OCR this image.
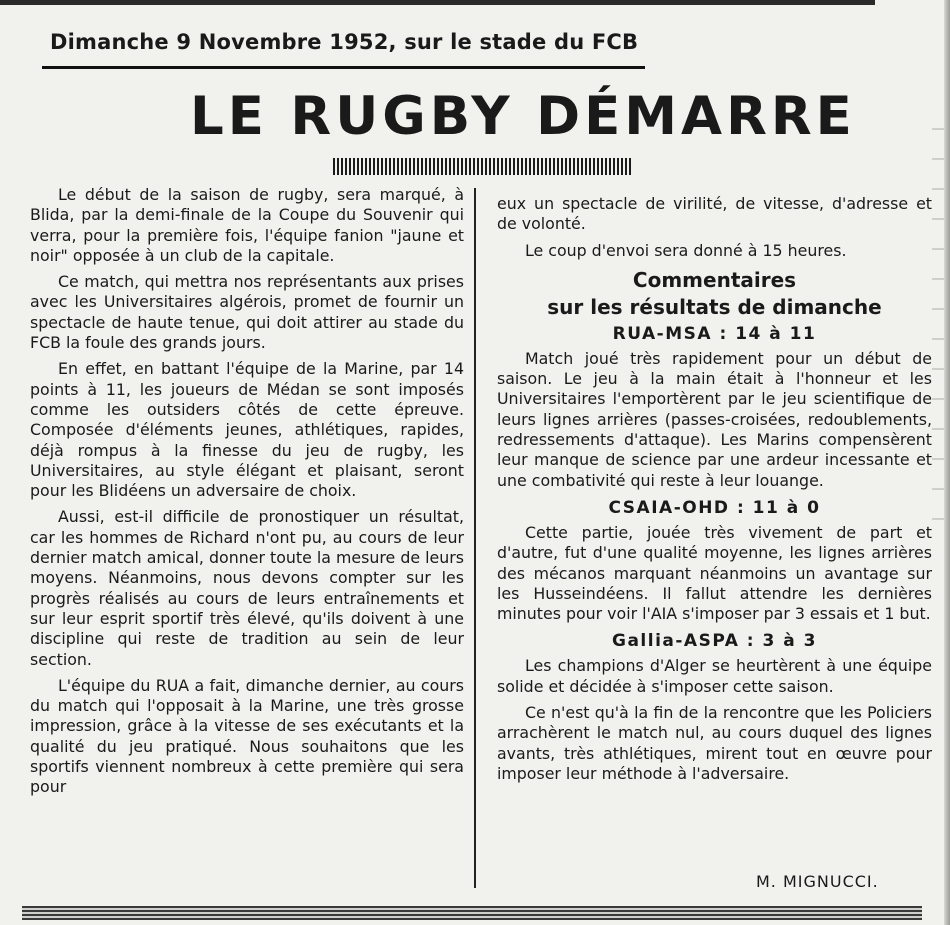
Dimanche 9 Novembre 1952, sur le stade du FCB
LE RUGBY DÉMARRE

Le début de la saison de rugby, sera marqué, à Blida, par la demi-finale de la Coupe du Souvenir qui verra, pour la première fois, l'équipe fanion "jaune et noir" opposée à un club de la capitale.

Ce match, qui mettra nos représentants aux prises avec les Universitaires algérois, promet de fournir un spectacle de haute tenue, qui doit attirer au stade du FCB la foule des grands jours.

En effet, en battant l'équipe de la Marine, par 14 points à 11, les joueurs de Médan se sont imposés comme les outsiders côtés de cette épreuve. Composée d'éléments jeunes, athlétiques, rapides, déjà rompus à la finesse du jeu de rugby, les Universitaires, au style élégant et plaisant, seront pour les Blidéens un adversaire de choix.

Aussi, est-il difficile de pronostiquer un résultat, car les hommes de Richard n'ont pu, au cours de leur dernier match amical, donner toute la mesure de leurs moyens. Néanmoins, nous devons compter sur les progrès réalisés au cours de leurs entraînements et sur leur esprit sportif très élevé, qu'ils doivent à une discipline qui reste de tradition au sein de leur section.

L'équipe du RUA a fait, dimanche dernier, au cours du match qui l'opposait à la Marine, une très grosse impression, grâce à la vitesse de ses exécutants et la qualité du jeu pratiqué. Nous souhaitons que les sportifs viennent nombreux à cette première qui sera pour

eux un spectacle de virilité, de vitesse, d'adresse et de volonté.

Le coup d'envoi sera donné à 15 heures.

Commentaires
sur les résultats de dimanche
RUA-MSA : 14 à 11

Match joué très rapidement pour un début de saison. Le jeu à la main était à l'honneur et les Universitaires l'emportèrent par le jeu scientifique de leurs lignes arrières (passes-croisées, redoublements, redressements d'attaque). Les Marins compensèrent leur manque de science par une ardeur incessante et une combativité qui reste à leur louange.

CSAIA-OHD : 11 à 0

Cette partie, jouée très vivement de part et d'autre, fut d'une qualité moyenne, les lignes arrières des mécanos marquant néanmoins un avantage sur les Husseindéens. Il fallut attendre les dernières minutes pour voir l'AIA s'imposer par 3 essais et 1 but.

Gallia-ASPA : 3 à 3

Les champions d'Alger se heurtèrent à une équipe solide et décidée à s'imposer cette saison.

Ce n'est qu'à la fin de la rencontre que les Policiers arrachèrent le match nul, au cours duquel des lignes avants, très athlétiques, mirent tout en œuvre pour imposer leur méthode à l'adversaire.

M. MIGNUCCI.
